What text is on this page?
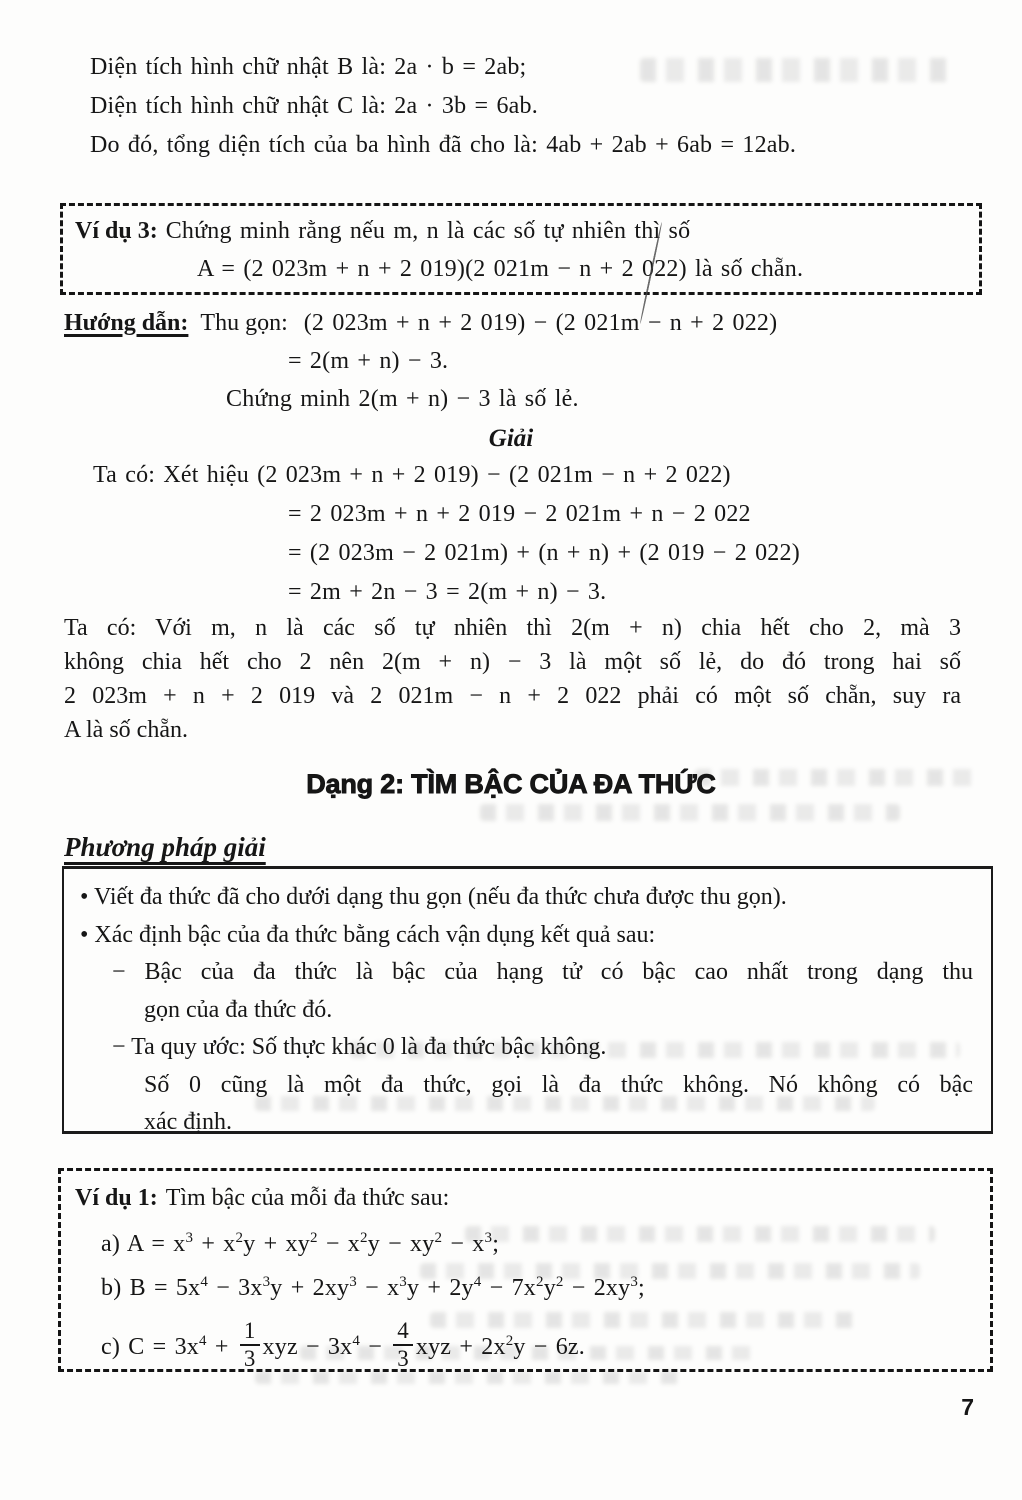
Diện tích hình chữ nhật B là: 2a · b = 2ab;
Diện tích hình chữ nhật C là: 2a · 3b = 6ab.
Do đó, tổng diện tích của ba hình đã cho là: 4ab + 2ab + 6ab = 12ab.
Ví dụ 3: Chứng minh rằng nếu m, n là các số tự nhiên thì số
A = (2 023m + n + 2 019)(2 021m − n + 2 022) là số chẵn.
Hướng dẫn: Thu gọn: (2 023m + n + 2 019) − (2 021m − n + 2 022)
= 2(m + n) − 3.
Chứng minh 2(m + n) − 3 là số lẻ.
Giải
Ta có: Xét hiệu (2 023m + n + 2 019) − (2 021m − n + 2 022)
= 2 023m + n + 2 019 − 2 021m + n − 2 022
= (2 023m − 2 021m) + (n + n) + (2 019 − 2 022)
= 2m + 2n − 3 = 2(m + n) − 3.
Ta có: Với m, n là các số tự nhiên thì 2(m + n) chia hết cho 2, mà 3
không chia hết cho 2 nên 2(m + n) − 3 là một số lẻ, do đó trong hai số
2 023m + n + 2 019 và 2 021m − n + 2 022 phải có một số chẵn, suy ra
A là số chẵn.
Dạng 2: TÌM BẬC CỦA ĐA THỨC
Phương pháp giải
• Viết đa thức đã cho dưới dạng thu gọn (nếu đa thức chưa được thu gọn).
• Xác định bậc của đa thức bằng cách vận dụng kết quả sau:
− Bậc của đa thức là bậc của hạng tử có bậc cao nhất trong dạng thu
gọn của đa thức đó.
− Ta quy ước: Số thực khác 0 là đa thức bậc không.
Số 0 cũng là một đa thức, gọi là đa thức không. Nó không có bậc
xác định.
Ví dụ 1: Tìm bậc của mỗi đa thức sau:
a) $A = x^3 + x^2y + xy^2 - x^2y - xy^2 - x^3$;
b) $B = 5x^4 - 3x^3y + 2xy^3 - x^3y + 2y^4 - 7x^2y^2 - 2xy^3$;
c) $C = 3x^4 + \frac{1}{3}$ xyz − $3x^4 - \frac{4}{3}$ xyz + $2x^2y - 6z$.
7
